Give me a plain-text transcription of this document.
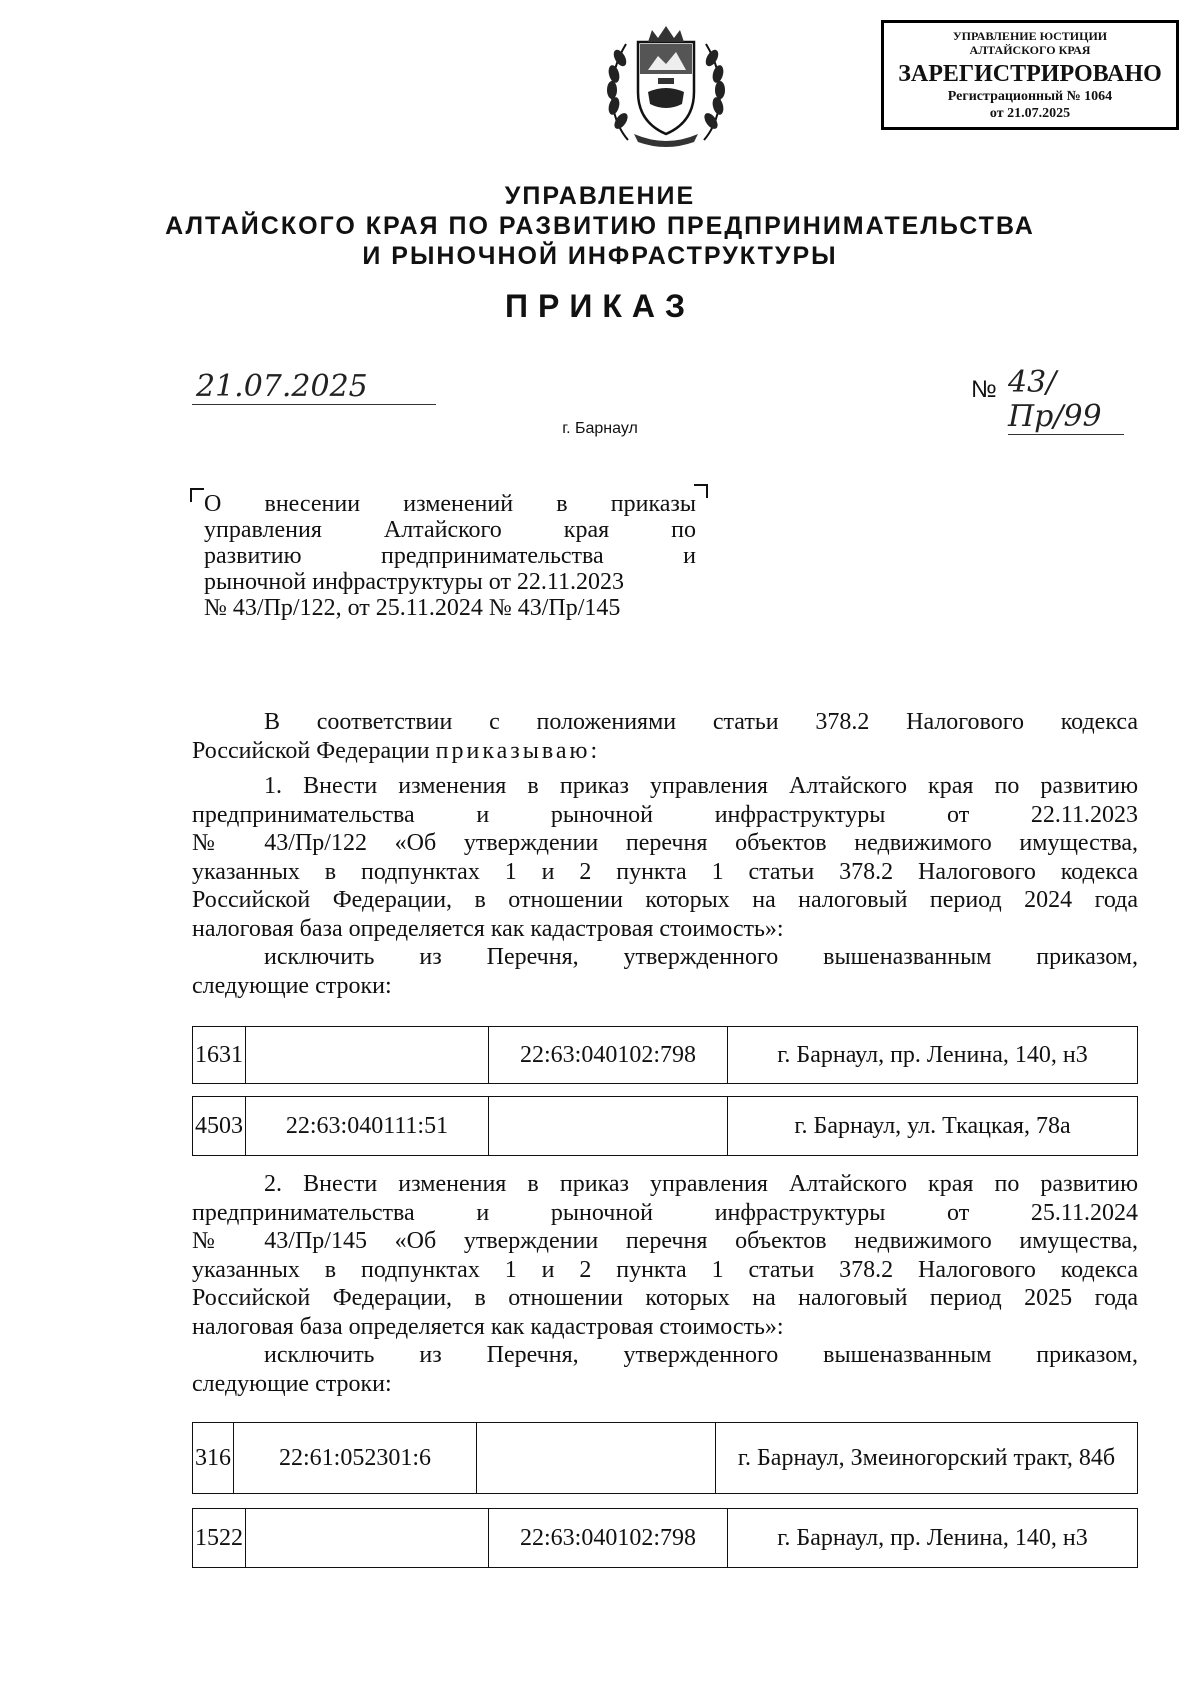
УПРАВЛЕНИЕ ЮСТИЦИИ
АЛТАЙСКОГО КРАЯ
ЗАРЕГИСТРИРОВАНО
Регистрационный № 1064
от 21.07.2025
УПРАВЛЕНИЕ
АЛТАЙСКОГО КРАЯ ПО РАЗВИТИЮ ПРЕДПРИНИМАТЕЛЬСТВА
И РЫНОЧНОЙ ИНФРАСТРУКТУРЫ
ПРИКАЗ
21.07.2025	№ 43/Пр/99
г. Барнаул
О внесении изменений в приказы
управления Алтайского края по
развитию предпринимательства и
рыночной инфраструктуры от 22.11.2023
№ 43/Пр/122, от 25.11.2024 № 43/Пр/145
В соответствии с положениями статьи 378.2 Налогового кодекса
Российской Федерации приказываю:
1. Внести изменения в приказ управления Алтайского края по развитию
предпринимательства и рыночной инфраструктуры от 22.11.2023
№ 43/Пр/122 «Об утверждении перечня объектов недвижимого имущества,
указанных в подпунктах 1 и 2 пункта 1 статьи 378.2 Налогового кодекса
Российской Федерации, в отношении которых на налоговый период 2024 года
налоговая база определяется как кадастровая стоимость»:
исключить из Перечня, утвержденного вышеназванным приказом,
следующие строки:
1631		22:63:040102:798	г. Барнаул, пр. Ленина, 140, н3
4503	22:63:040111:51		г. Барнаул, ул. Ткацкая, 78а
2. Внести изменения в приказ управления Алтайского края по развитию
предпринимательства и рыночной инфраструктуры от 25.11.2024
№ 43/Пр/145 «Об утверждении перечня объектов недвижимого имущества,
указанных в подпунктах 1 и 2 пункта 1 статьи 378.2 Налогового кодекса
Российской Федерации, в отношении которых на налоговый период 2025 года
налоговая база определяется как кадастровая стоимость»:
исключить из Перечня, утвержденного вышеназванным приказом,
следующие строки:
316	22:61:052301:6		г. Барнаул, Змеиногорский тракт, 84б
1522		22:63:040102:798	г. Барнаул, пр. Ленина, 140, н3
